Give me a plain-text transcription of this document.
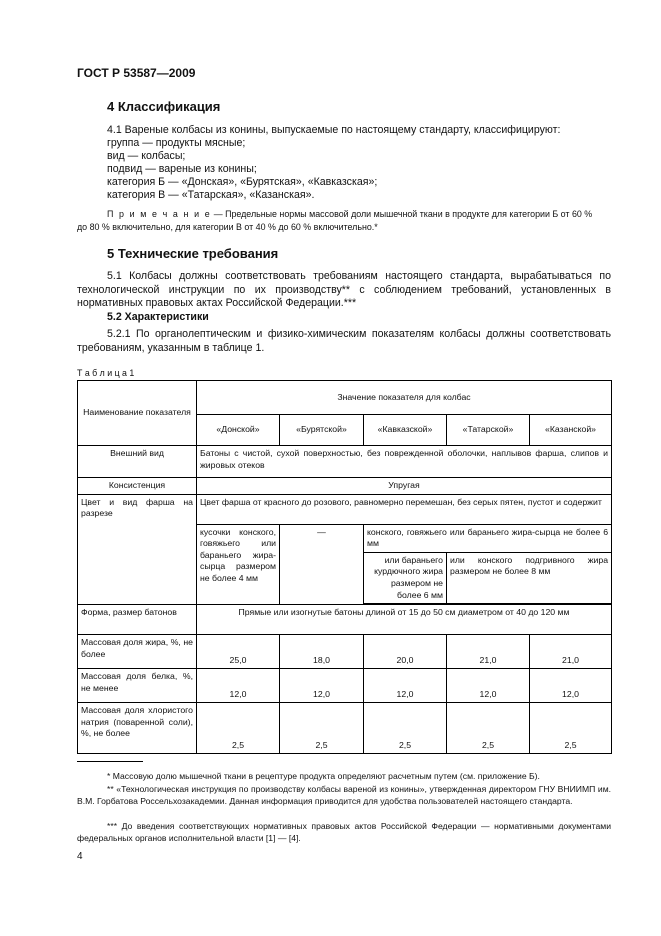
ГОСТ Р 53587—2009
4 Классификация
4.1 Вареные колбасы из конины, выпускаемые по настоящему стандарту, классифицируют:
группа — продукты мясные;
вид — колбасы;
подвид — вареные из конины;
категория Б — «Донская», «Бурятская», «Кавказская»;
категория В — «Татарская», «Казанская».
П р и м е ч а н и е — Предельные нормы массовой доли мышечной ткани в продукте для категории Б от 60 %
до 80 % включительно, для категории В от 40 % до 60 % включительно.*
5 Технические требования
5.1 Колбасы должны соответствовать требованиям настоящего стандарта, вырабатываться по технологической инструкции по их производству** с соблюдением требований, установленных в нормативных правовых актах Российской Федерации.***
5.2 Характеристики
5.2.1 По органолептическим и физико-химическим показателям колбасы должны соответствовать требованиям, указанным в таблице 1.
Т а б л и ц а 1
Наименование показателя	Значение показателя для колбас				
	«Донской»	«Бурятской»	«Кавказской»	«Татарской»	«Казанской»
Внешний вид	Батоны с чистой, сухой поверхностью, без поврежденной оболочки, наплывов фарша, слипов и жировых отеков				
Консистенция	Упругая				
Цвет и вид фарша на разрезе	Цвет фарша от красного до розового, равномерно перемешан, без серых пятен, пустот и содержит				
	кусочки конского, говяжьего или бараньего жира-сырца размером не более 4 мм	—	конского, говяжьего или бараньего жира-сырца не более 6 мм		
			или бараньего курдючного жира размером не более 6 мм	или конского подгривного жира размером не более 8 мм	

Форма, размер батонов	Прямые или изогнутые батоны длиной от 15 до 50 см диаметром от 40 до 120 мм				
Массовая доля жира, %, не более	25,0	18,0	20,0	21,0	21,0
Массовая доля белка, %, не менее	12,0	12,0	12,0	12,0	12,0
Массовая доля хлористого натрия (поваренной соли), %, не более	2,5	2,5	2,5	2,5	2,5
* Массовую долю мышечной ткани в рецептуре продукта определяют расчетным путем (см. приложение Б).
** «Технологическая инструкция по производству колбасы вареной из конины», утвержденная директором ГНУ ВНИИМП им. В.М. Горбатова Россельхозакадемии. Данная информация приводится для удобства пользователей настоящего стандарта.
*** До введения соответствующих нормативных правовых актов Российской Федерации — нормативными документами федеральных органов исполнительной власти [1] — [4].
4
